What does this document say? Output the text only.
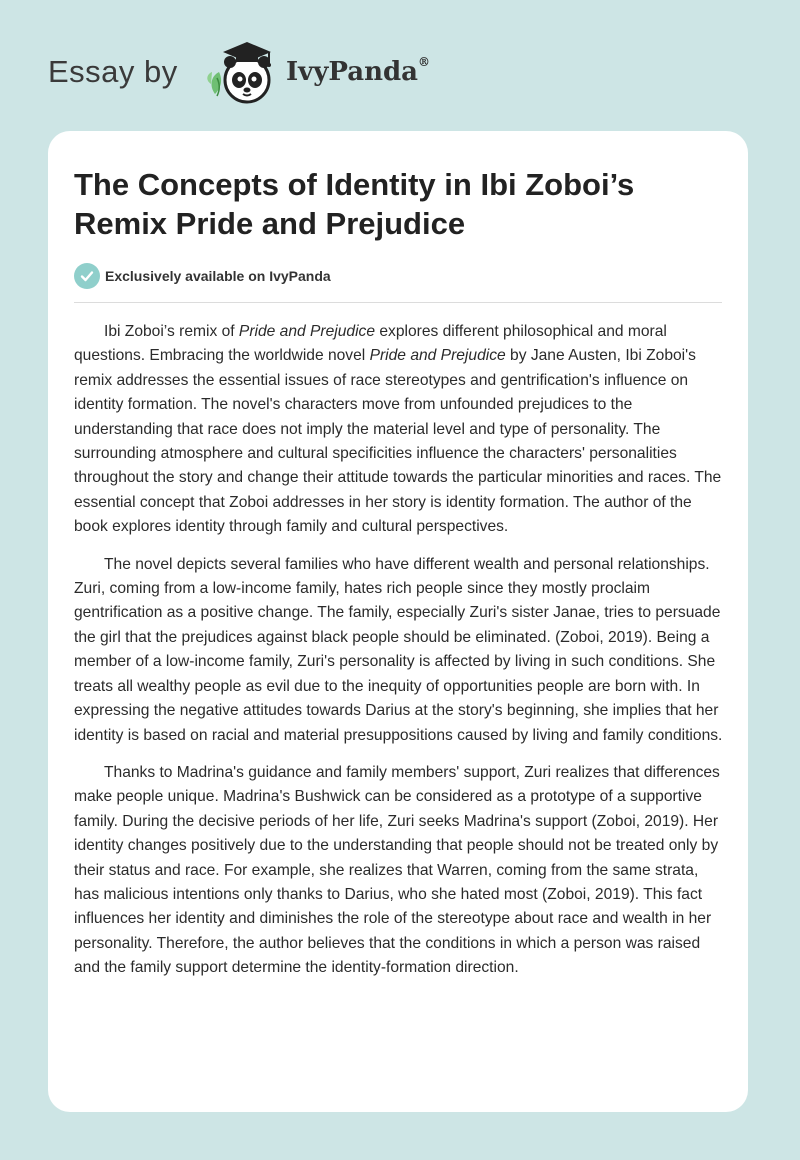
Essay by	IvyPanda®
The Concepts of Identity in Ibi Zoboi’s Remix Pride and Prejudice
Exclusively available on IvyPanda

Ibi Zoboi’s remix of Pride and Prejudice explores different philosophical and moral questions. Embracing the worldwide novel Pride and Prejudice by Jane Austen, Ibi Zoboi's remix addresses the essential issues of race stereotypes and gentrification's influence on identity formation. The novel's characters move from unfounded prejudices to the understanding that race does not imply the material level and type of personality. The surrounding atmosphere and cultural specificities influence the characters' personalities throughout the story and change their attitude towards the particular minorities and races. The essential concept that Zoboi addresses in her story is identity formation. The author of the book explores identity through family and cultural perspectives.

The novel depicts several families who have different wealth and personal relationships. Zuri, coming from a low-income family, hates rich people since they mostly proclaim gentrification as a positive change. The family, especially Zuri's sister Janae, tries to persuade the girl that the prejudices against black people should be eliminated. (Zoboi, 2019). Being a member of a low-income family, Zuri's personality is affected by living in such conditions. She treats all wealthy people as evil due to the inequity of opportunities people are born with. In expressing the negative attitudes towards Darius at the story's beginning, she implies that her identity is based on racial and material presuppositions caused by living and family conditions.

Thanks to Madrina's guidance and family members' support, Zuri realizes that differences make people unique. Madrina's Bushwick can be considered as a prototype of a supportive family. During the decisive periods of her life, Zuri seeks Madrina's support (Zoboi, 2019). Her identity changes positively due to the understanding that people should not be treated only by their status and race. For example, she realizes that Warren, coming from the same strata, has malicious intentions only thanks to Darius, who she hated most (Zoboi, 2019). This fact influences her identity and diminishes the role of the stereotype about race and wealth in her personality. Therefore, the author believes that the conditions in which a person was raised and the family support determine the identity-formation direction.
